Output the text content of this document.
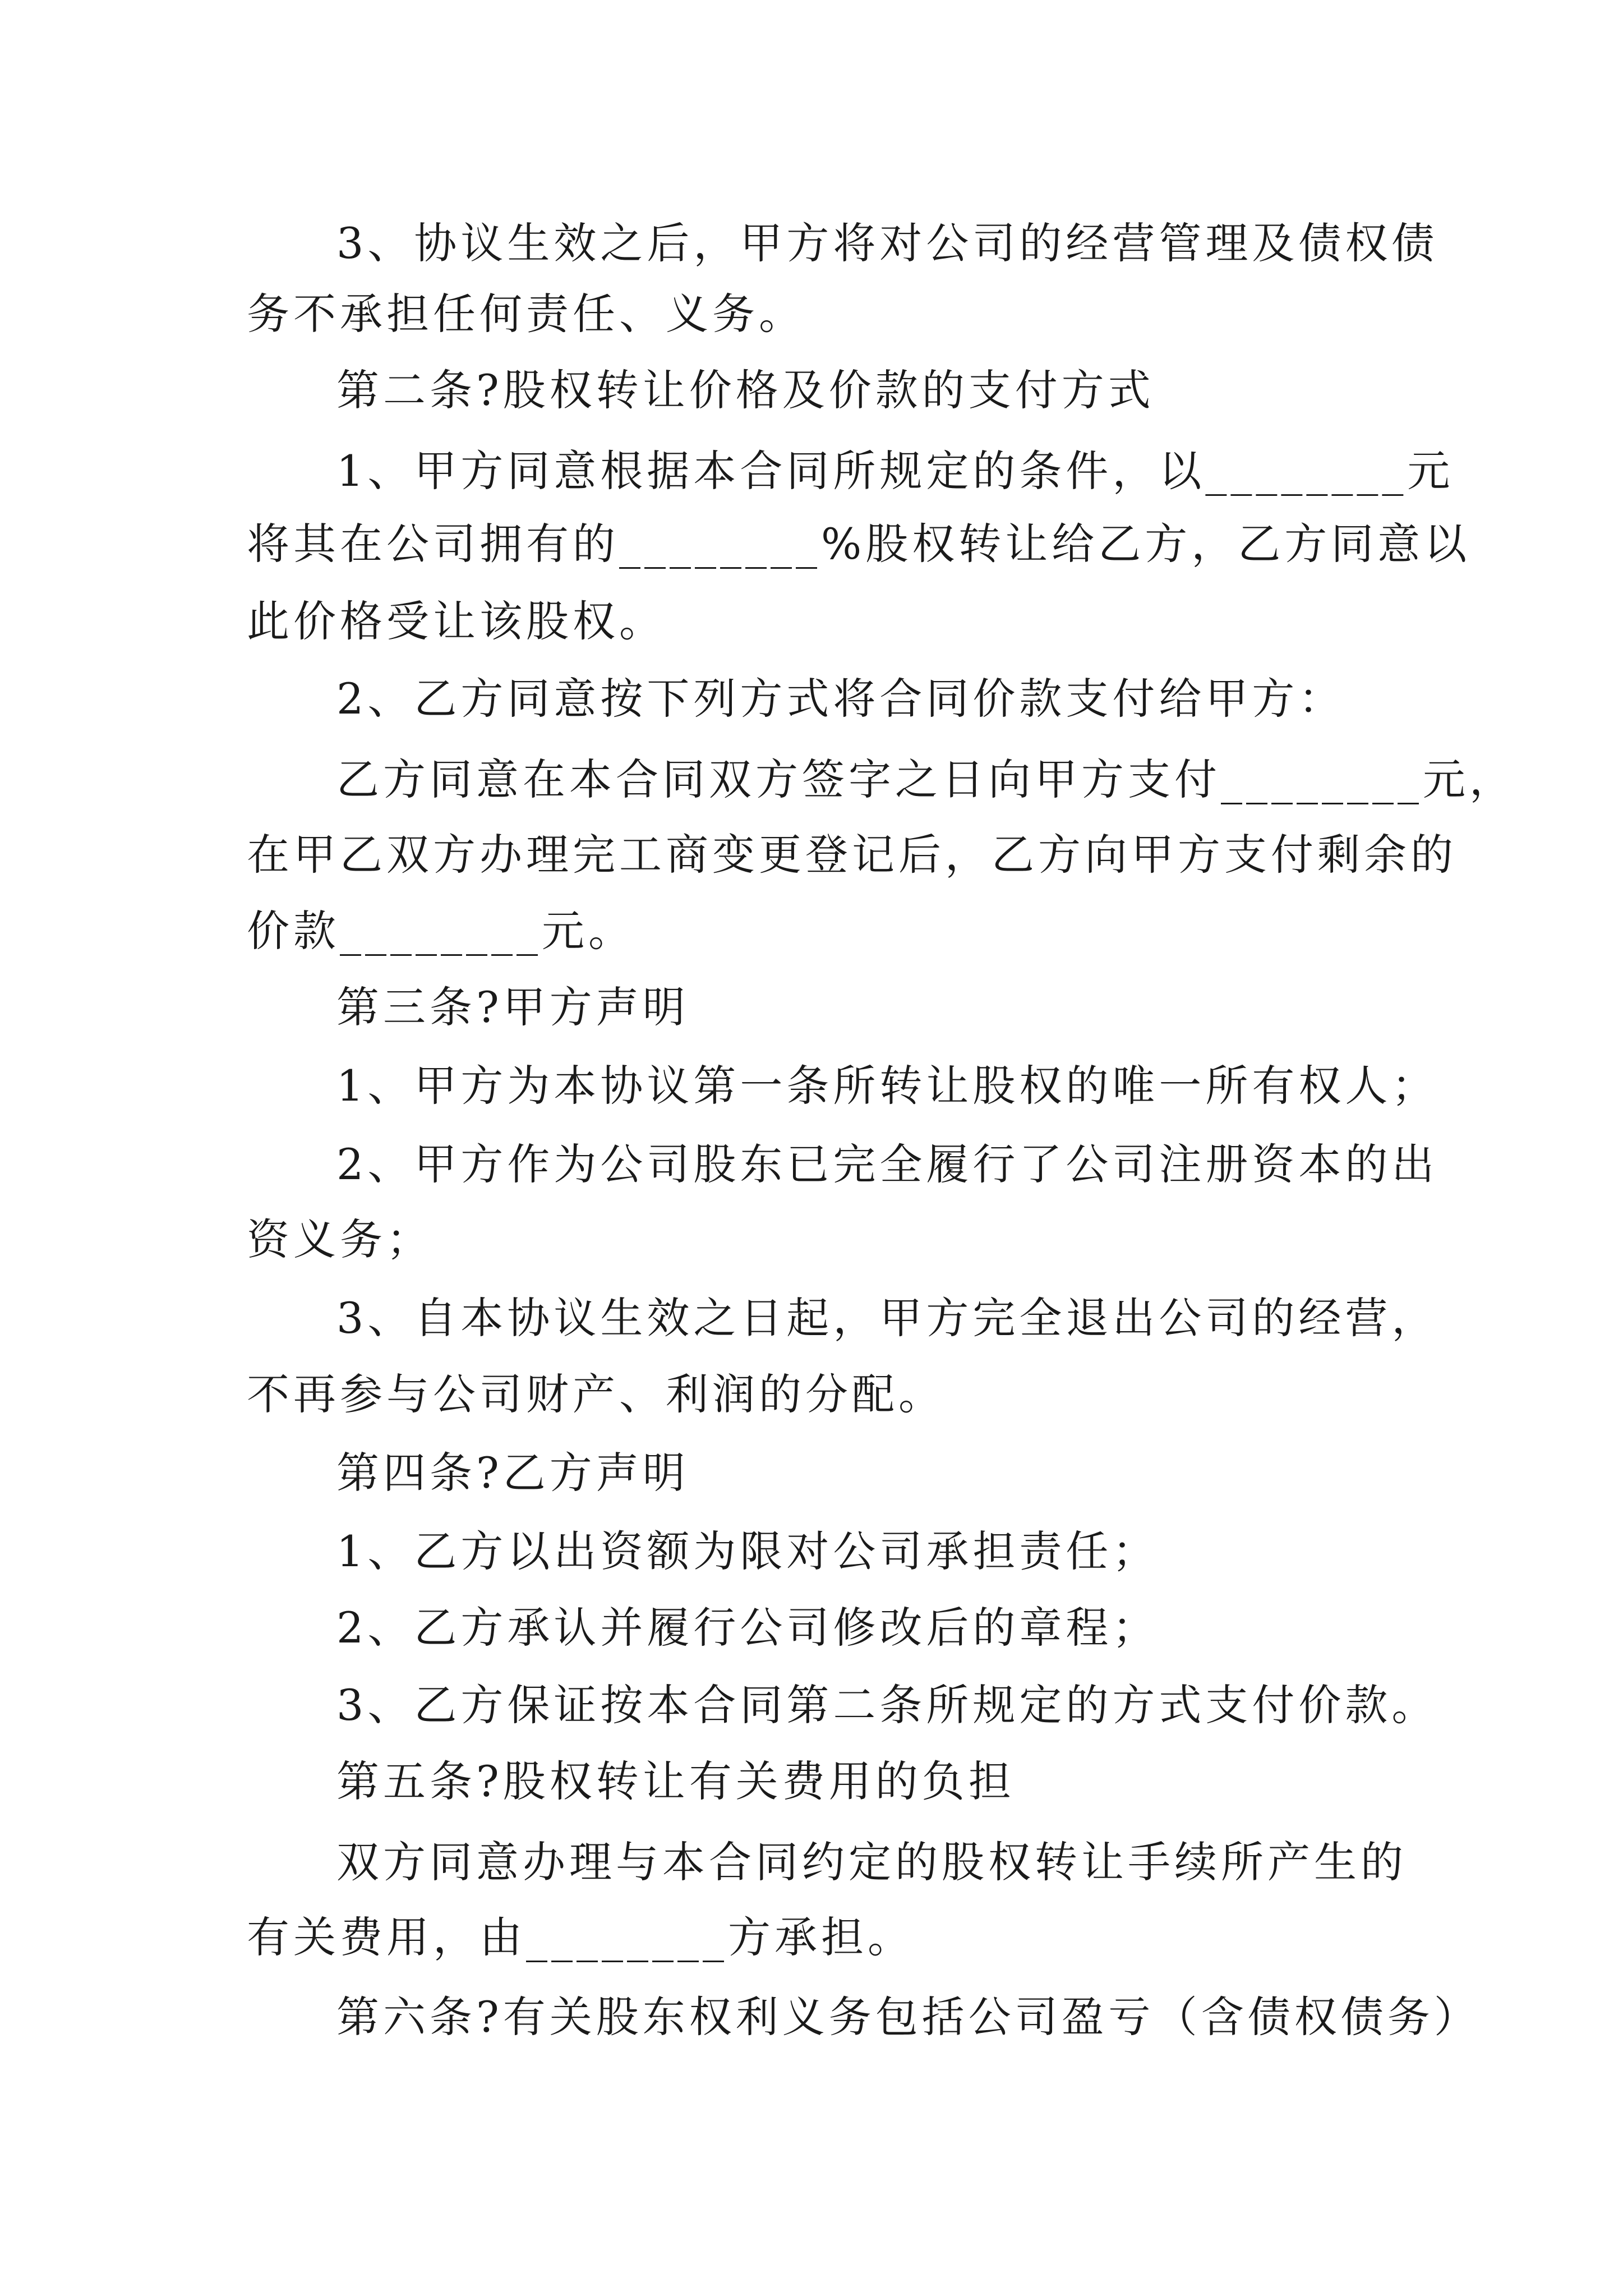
3、协议生效之后，甲方将对公司的经营管理及债权债
务不承担任何责任、义务。
第二条?股权转让价格及价款的支付方式
1、甲方同意根据本合同所规定的条件，以________元
将其在公司拥有的________%股权转让给乙方，乙方同意以
此价格受让该股权。
2、乙方同意按下列方式将合同价款支付给甲方：
乙方同意在本合同双方签字之日向甲方支付________元，
在甲乙双方办理完工商变更登记后，乙方向甲方支付剩余的
价款________元。
第三条?甲方声明
1、甲方为本协议第一条所转让股权的唯一所有权人；
2、甲方作为公司股东已完全履行了公司注册资本的出
资义务；
3、自本协议生效之日起，甲方完全退出公司的经营，
不再参与公司财产、利润的分配。
第四条?乙方声明
1、乙方以出资额为限对公司承担责任；
2、乙方承认并履行公司修改后的章程；
3、乙方保证按本合同第二条所规定的方式支付价款。
第五条?股权转让有关费用的负担
双方同意办理与本合同约定的股权转让手续所产生的
有关费用，由________方承担。
第六条?有关股东权利义务包括公司盈亏（含债权债务）
